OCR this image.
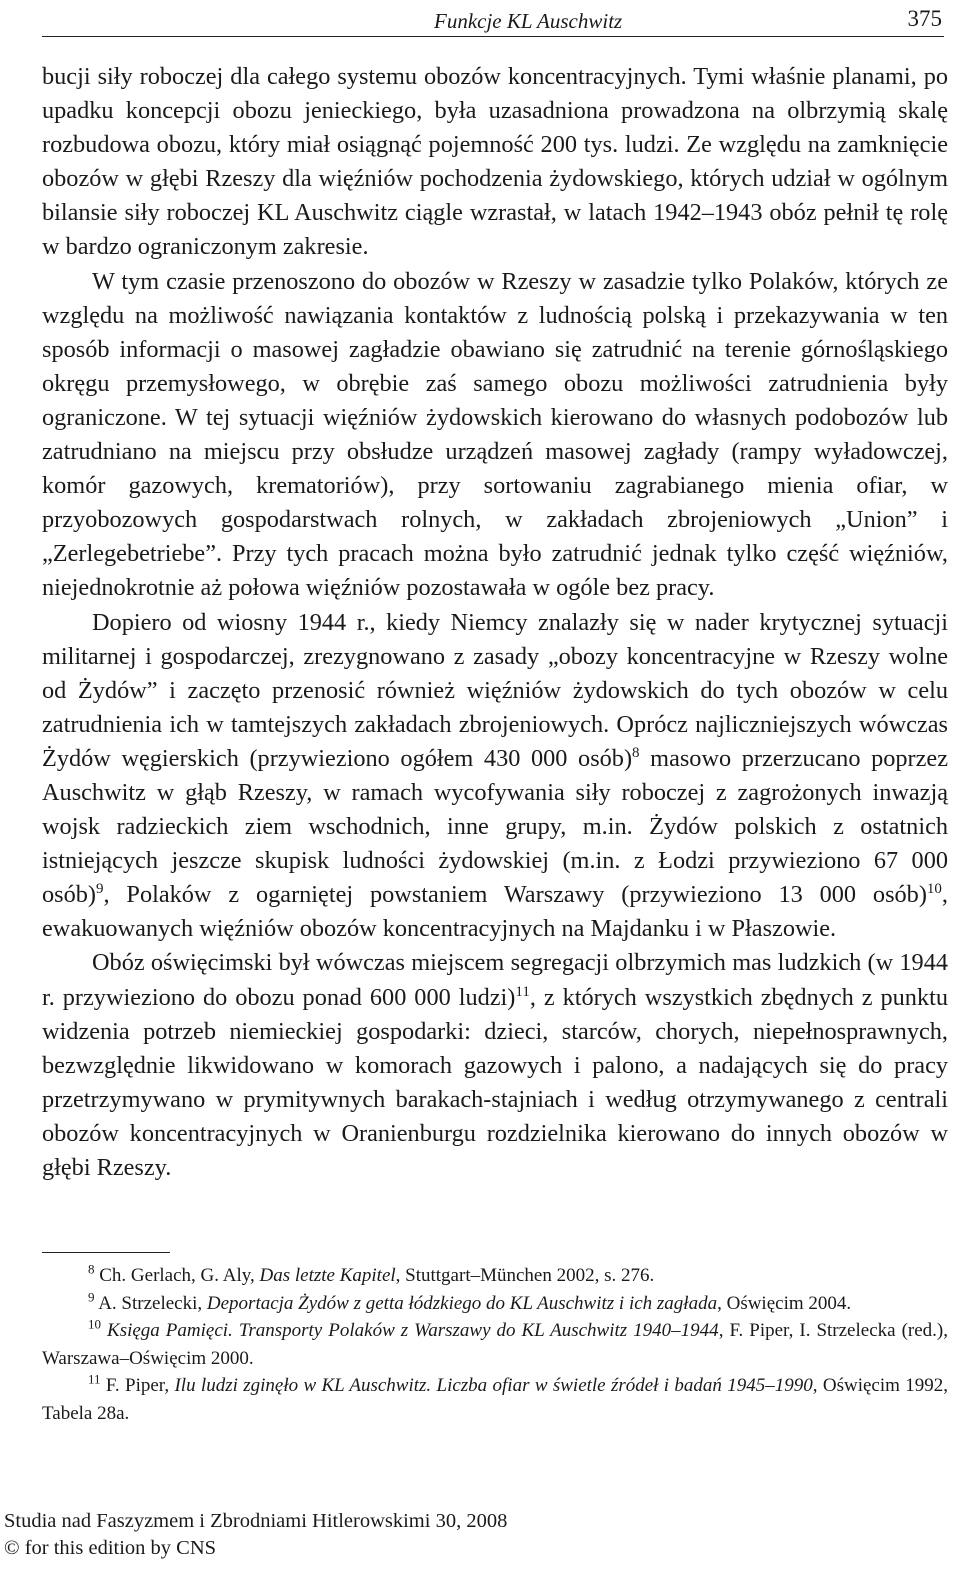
Funkcje KL Auschwitz	375

bucji siły roboczej dla całego systemu obozów koncentracyjnych. Tymi właśnie planami, po upadku koncepcji obozu jenieckiego, była uzasadniona prowadzona na olbrzymią skalę rozbudowa obozu, który miał osiągnąć pojemność 200 tys. ludzi. Ze względu na zamknięcie obozów w głębi Rzeszy dla więźniów pochodzenia żydowskiego, których udział w ogólnym bilansie siły roboczej KL Auschwitz ciągle wzrastał, w latach 1942–1943 obóz pełnił tę rolę w bardzo ograniczonym zakresie.

W tym czasie przenoszono do obozów w Rzeszy w zasadzie tylko Polaków, których ze względu na możliwość nawiązania kontaktów z ludnością polską i przekazywania w ten sposób informacji o masowej zagładzie obawiano się zatrudnić na terenie górnośląskiego okręgu przemysłowego, w obrębie zaś samego obozu możliwości zatrudnienia były ograniczone. W tej sytuacji więźniów żydowskich kierowano do własnych podobozów lub zatrudniano na miejscu przy obsłudze urządzeń masowej zagłady (rampy wyładowczej, komór gazowych, krematoriów), przy sortowaniu zagrabianego mienia ofiar, w przyobozowych gospodarstwach rolnych, w zakładach zbrojeniowych „Union” i „Zerlegebetriebe”. Przy tych pracach można było zatrudnić jednak tylko część więźniów, niejednokrotnie aż połowa więźniów pozostawała w ogóle bez pracy.

Dopiero od wiosny 1944 r., kiedy Niemcy znalazły się w nader krytycznej sytuacji militarnej i gospodarczej, zrezygnowano z zasady „obozy koncentracyjne w Rzeszy wolne od Żydów” i zaczęto przenosić również więźniów żydowskich do tych obozów w celu zatrudnienia ich w tamtejszych zakładach zbrojeniowych. Oprócz najliczniejszych wówczas Żydów węgierskich (przywieziono ogółem 430 000 osób)$^8$ masowo przerzucano poprzez Auschwitz w głąb Rzeszy, w ramach wycofywania siły roboczej z zagrożonych inwazją wojsk radzieckich ziem wschodnich, inne grupy, m.in. Żydów polskich z ostatnich istniejących jeszcze skupisk ludności żydowskiej (m.in. z Łodzi przywieziono 67 000 osób)$^9$, Polaków z ogarniętej powstaniem Warszawy (przywieziono 13 000 osób)$^{10}$, ewakuowanych więźniów obozów koncentracyjnych na Majdanku i w Płaszowie.

Obóz oświęcimski był wówczas miejscem segregacji olbrzymich mas ludzkich (w 1944 r. przywieziono do obozu ponad 600 000 ludzi)$^{11}$, z których wszystkich zbędnych z punktu widzenia potrzeb niemieckiej gospodarki: dzieci, starców, chorych, niepełnosprawnych, bezwzględnie likwidowano w komorach gazowych i palono, a nadających się do pracy przetrzymywano w prymitywnych barakach-stajniach i według otrzymywanego z centrali obozów koncentracyjnych w Oranienburgu rozdzielnika kierowano do innych obozów w głębi Rzeszy.

$^8$ Ch. Gerlach, G. Aly, Das letzte Kapitel, Stuttgart–München 2002, s. 276.

$^9$ A. Strzelecki, Deportacja Żydów z getta łódzkiego do KL Auschwitz i ich zagłada, Oświęcim 2004.

$^{10}$ Księga Pamięci. Transporty Polaków z Warszawy do KL Auschwitz 1940–1944, F. Piper, I. Strzelecka (red.), Warszawa–Oświęcim 2000.

$^{11}$ F. Piper, Ilu ludzi zginęło w KL Auschwitz. Liczba ofiar w świetle źródeł i badań 1945–1990, Oświęcim 1992, Tabela 28a.

Studia nad Faszyzmem i Zbrodniami Hitlerowskimi 30, 2008
© for this edition by CNS
